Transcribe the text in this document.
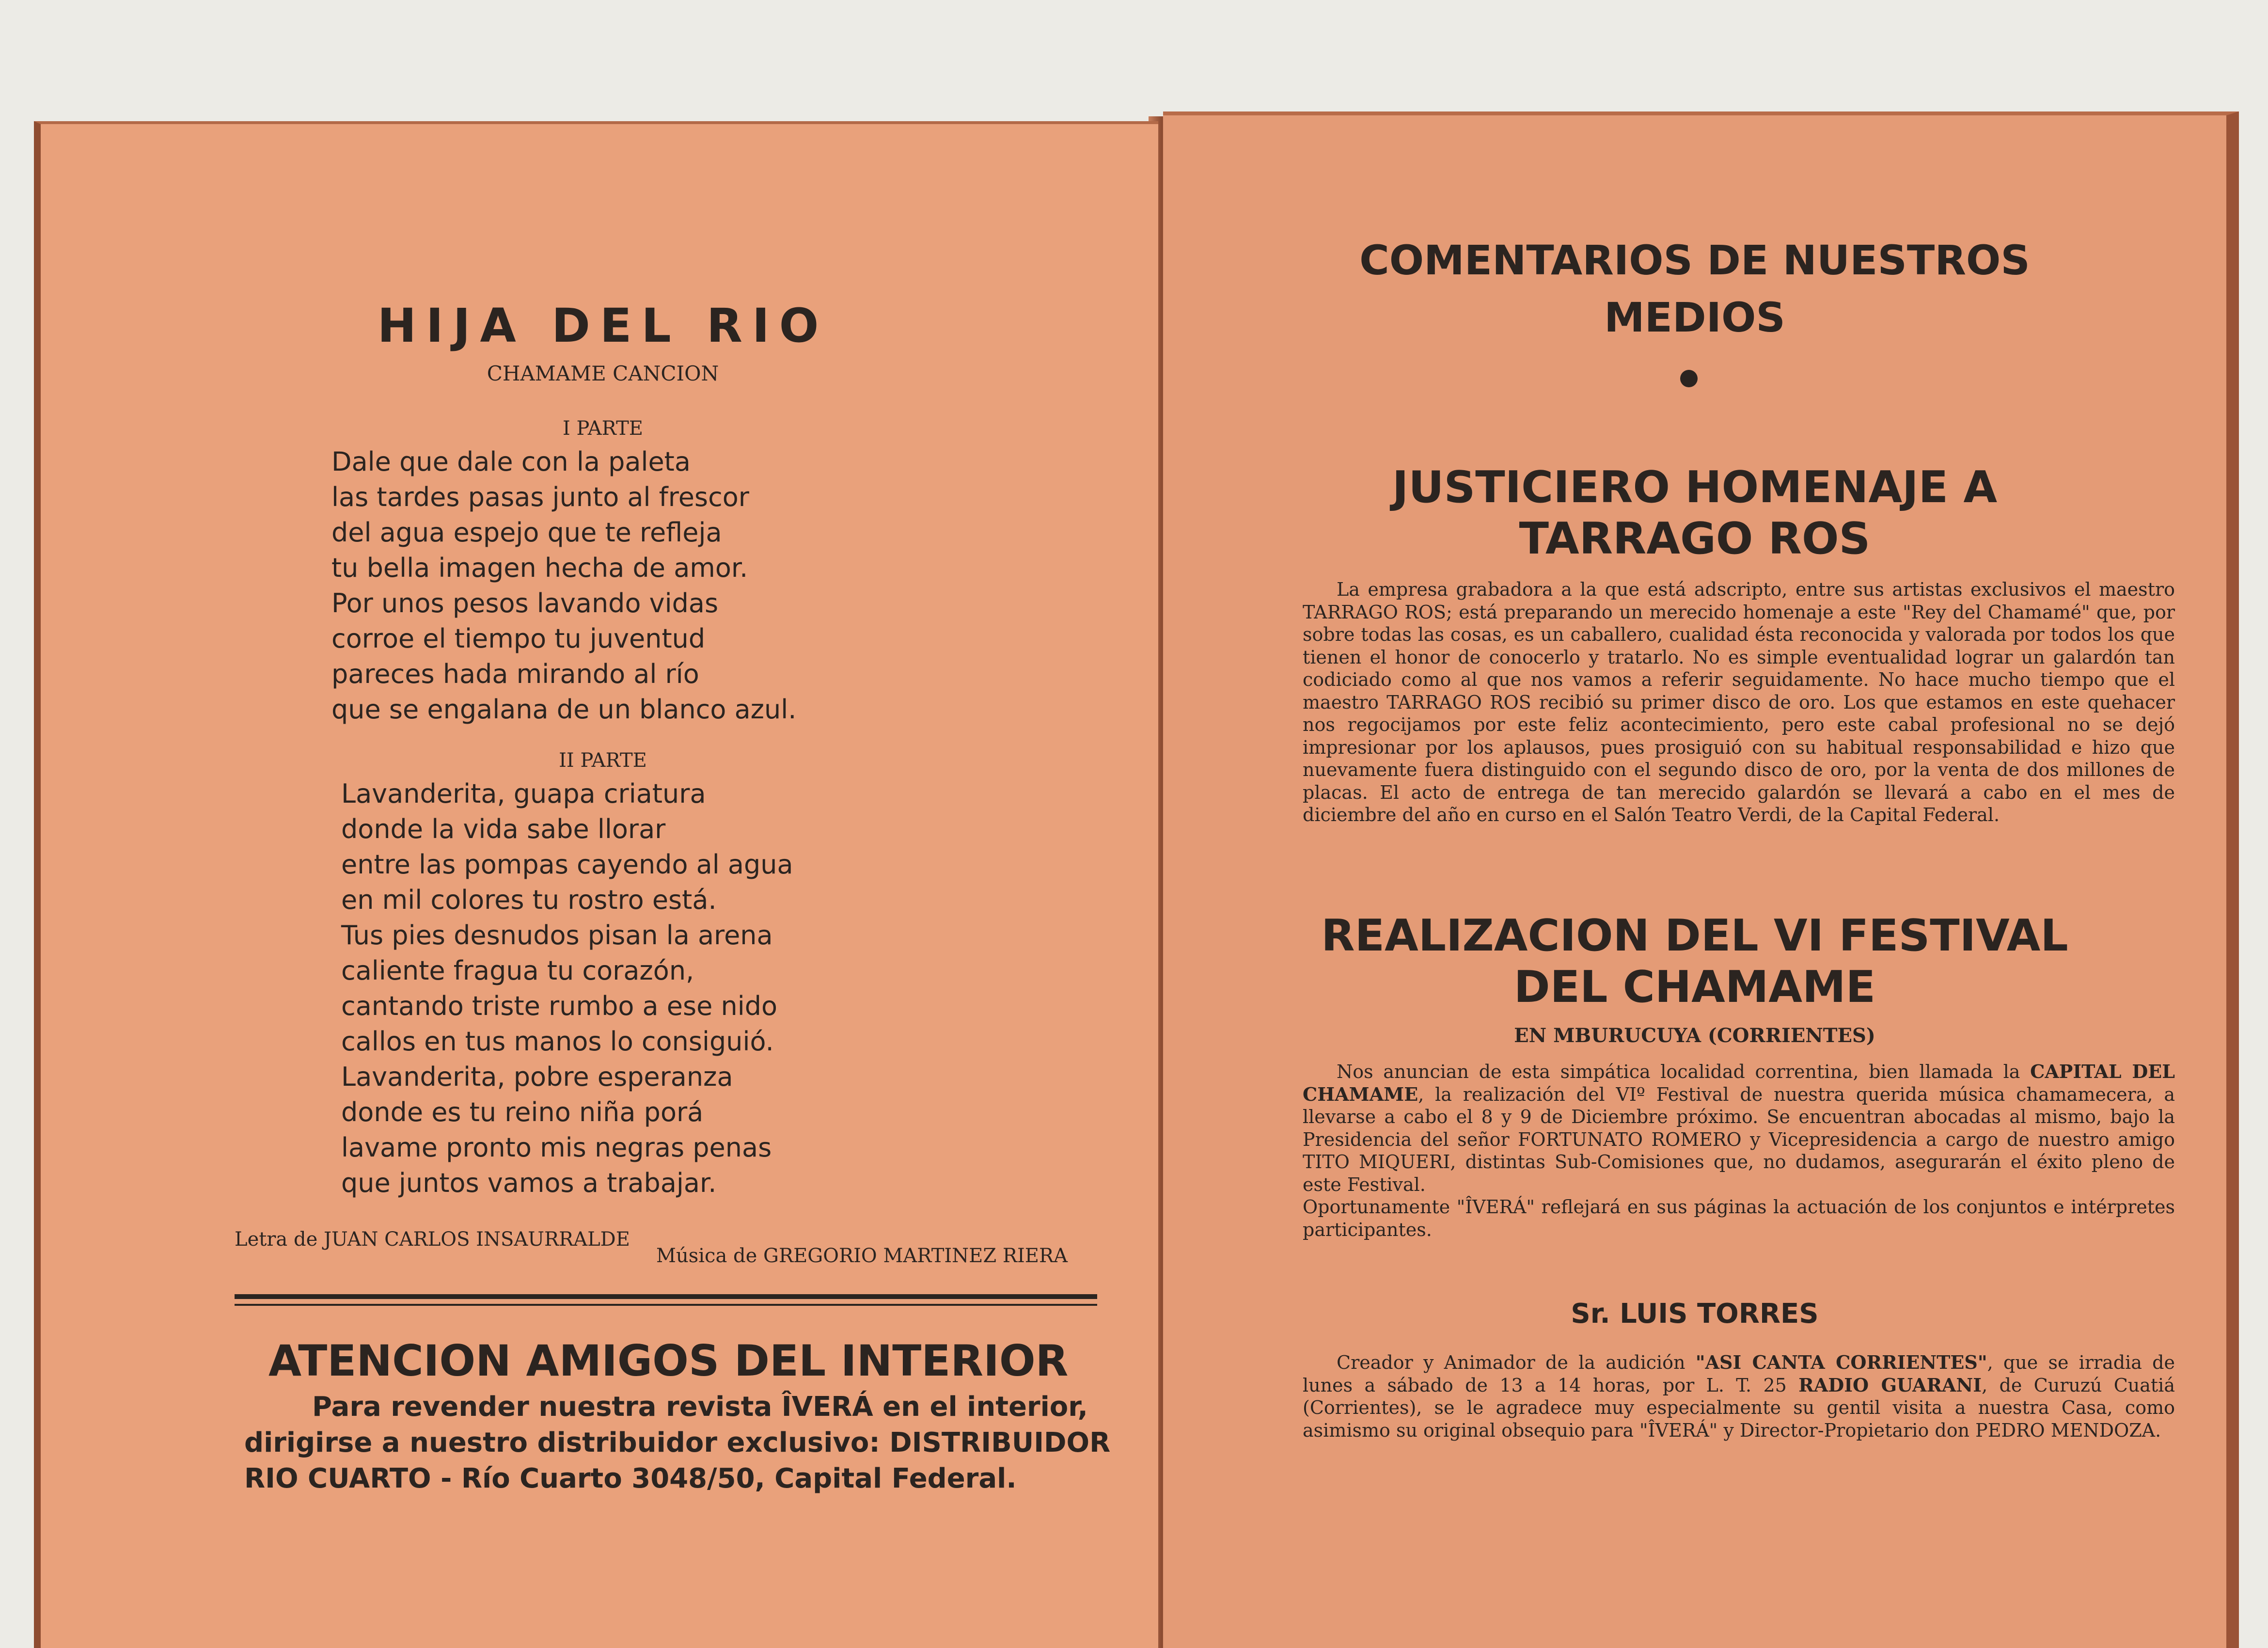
HIJA DEL RIO
CHAMAME CANCION
I PARTE
Dale que dale con la paleta
las tardes pasas junto al frescor
del agua espejo que te refleja
tu bella imagen hecha de amor.
Por unos pesos lavando vidas
corroe el tiempo tu juventud
pareces hada mirando al río
que se engalana de un blanco azul.
II PARTE
Lavanderita, guapa criatura
donde la vida sabe llorar
entre las pompas cayendo al agua
en mil colores tu rostro está.
Tus pies desnudos pisan la arena
caliente fragua tu corazón,
cantando triste rumbo a ese nido
callos en tus manos lo consiguió.
Lavanderita, pobre esperanza
donde es tu reino niña porá
lavame pronto mis negras penas
que juntos vamos a trabajar.
Letra de JUAN CARLOS INSAURRALDE
Música de GREGORIO MARTINEZ RIERA
ATENCION AMIGOS DEL INTERIOR
Para revender nuestra revista ÎVERÁ en el interior,
dirigirse a nuestro distribuidor exclusivo: DISTRIBUIDOR
RIO CUARTO - Río Cuarto 3048/50, Capital Federal.
COMENTARIOS DE NUESTROS
MEDIOS
JUSTICIERO HOMENAJE A
TARRAGO ROS

La empresa grabadora a la que está adscripto, entre sus artistas exclusivos el maestro TARRAGO ROS; está preparando un merecido homenaje a este "Rey del Chamamé" que, por sobre todas las cosas, es un caballero, cualidad ésta reconocida y valorada por todos los que tienen el honor de conocerlo y tratarlo. No es simple eventualidad lograr un galardón tan codiciado como al que nos vamos a referir seguidamente. No hace mucho tiempo que el maestro TARRAGO ROS recibió su primer disco de oro. Los que estamos en este quehacer nos regocijamos por este feliz acontecimiento, pero este cabal profesional no se dejó impresionar por los aplausos, pues prosiguió con su habitual responsabilidad e hizo que nuevamente fuera distinguido con el segundo disco de oro, por la venta de dos millones de placas. El acto de entrega de tan merecido galardón se llevará a cabo en el mes de diciembre del año en curso en el Salón Teatro Verdi, de la Capital Federal.

REALIZACION DEL VI FESTIVAL
DEL CHAMAME
EN MBURUCUYA (CORRIENTES)

Nos anuncian de esta simpática localidad correntina, bien llamada la CAPITAL DEL CHAMAME, la realización del VIº Festival de nuestra querida música chamamecera, a llevarse a cabo el 8 y 9 de Diciembre próximo. Se encuentran abocadas al mismo, bajo la Presidencia del señor FORTUNATO ROMERO y Vicepresidencia a cargo de nuestro amigo TITO MIQUERI, distintas Sub-Comisiones que, no dudamos, asegurarán el éxito pleno de este Festival.
Oportunamente "ÎVERÁ" reflejará en sus páginas la actuación de los conjuntos e intérpretes participantes.

Sr. LUIS TORRES

Creador y Animador de la audición "ASI CANTA CORRIENTES", que se irradia de lunes a sábado de 13 a 14 horas, por L. T. 25 RADIO GUARANI, de Curuzú Cuatiá (Corrientes), se le agradece muy especialmente su gentil visita a nuestra Casa, como asimismo su original obsequio para "ÎVERÁ" y Director-Propietario don PEDRO MENDOZA.
